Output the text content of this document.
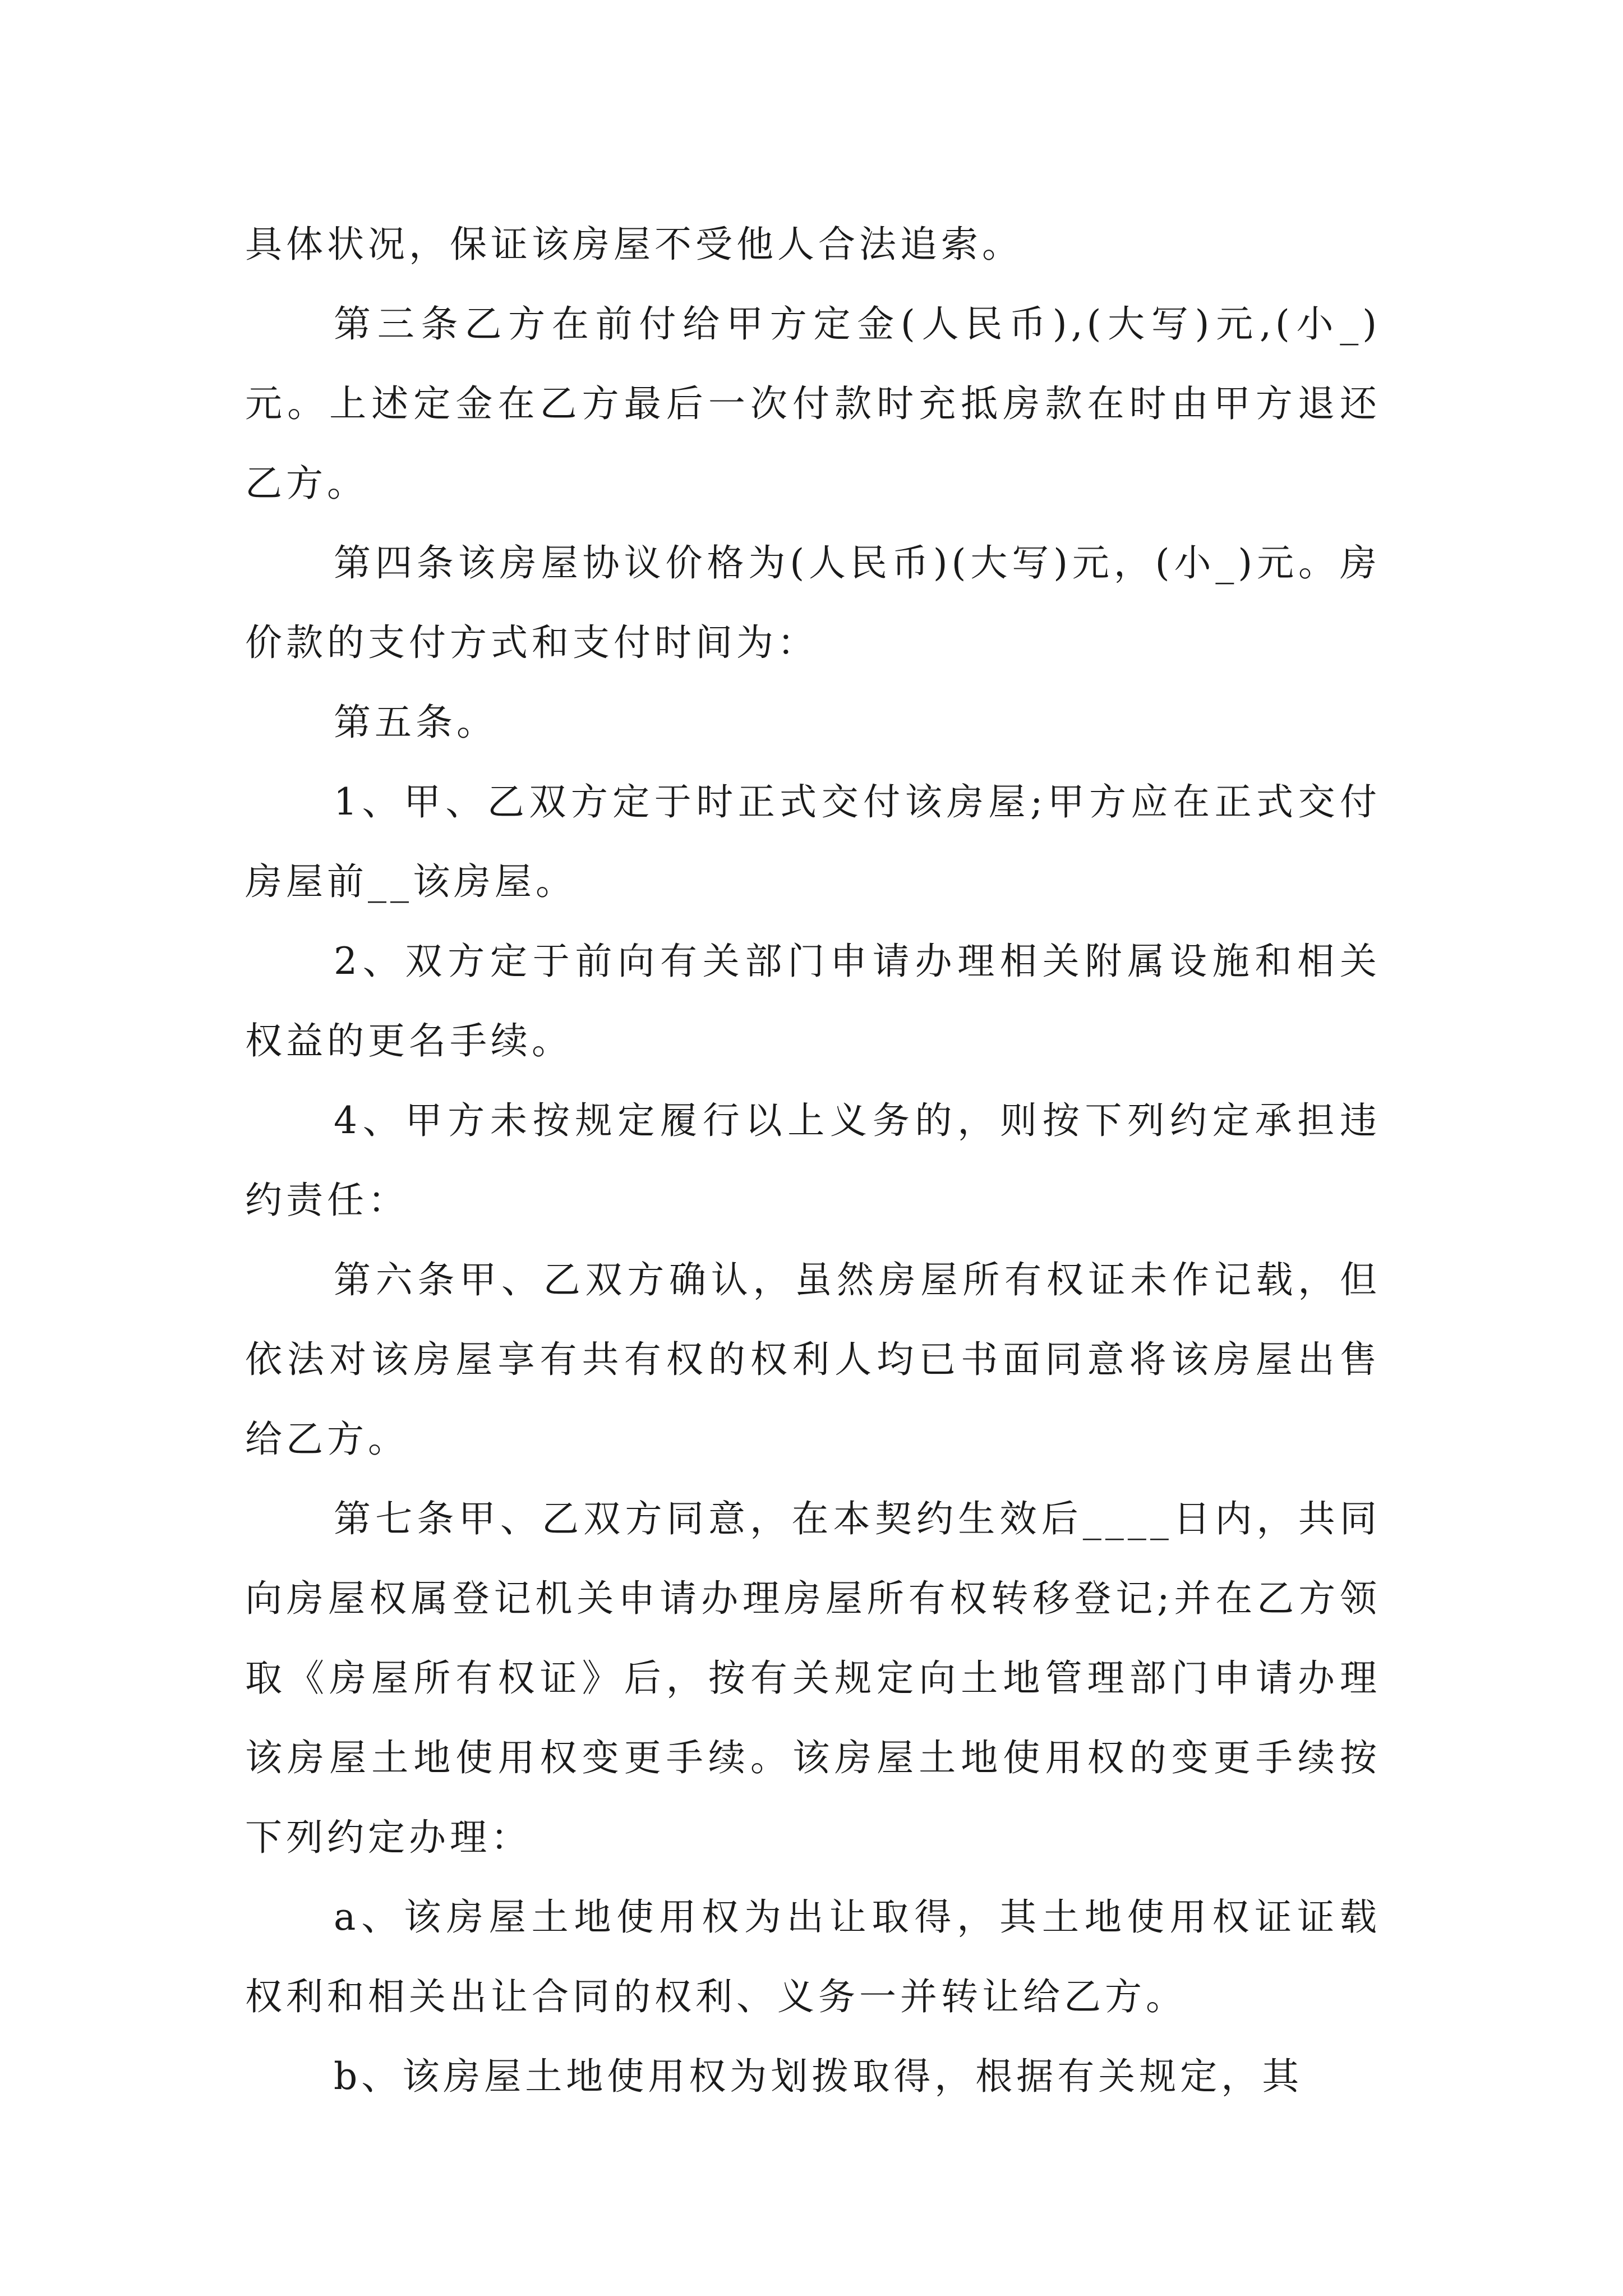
具体状况，保证该房屋不受他人合法追索。

第三条乙方在前付给甲方定金(人民币),(大写)元,(小_)元。上述定金在乙方最后一次付款时充抵房款在时由甲方退还乙方。

第四条该房屋协议价格为(人民币)(大写)元，(小_)元。房价款的支付方式和支付时间为：

第五条。

1、甲、乙双方定于时正式交付该房屋;甲方应在正式交付房屋前__该房屋。

2、双方定于前向有关部门申请办理相关附属设施和相关权益的更名手续。

4、甲方未按规定履行以上义务的，则按下列约定承担违约责任：

第六条甲、乙双方确认，虽然房屋所有权证未作记载，但依法对该房屋享有共有权的权利人均已书面同意将该房屋出售给乙方。

第七条甲、乙双方同意，在本契约生效后____日内，共同向房屋权属登记机关申请办理房屋所有权转移登记;并在乙方领取《房屋所有权证》后，按有关规定向土地管理部门申请办理该房屋土地使用权变更手续。该房屋土地使用权的变更手续按下列约定办理：

a、该房屋土地使用权为出让取得，其土地使用权证证载权利和相关出让合同的权利、义务一并转让给乙方。

b、该房屋土地使用权为划拨取得，根据有关规定，其
